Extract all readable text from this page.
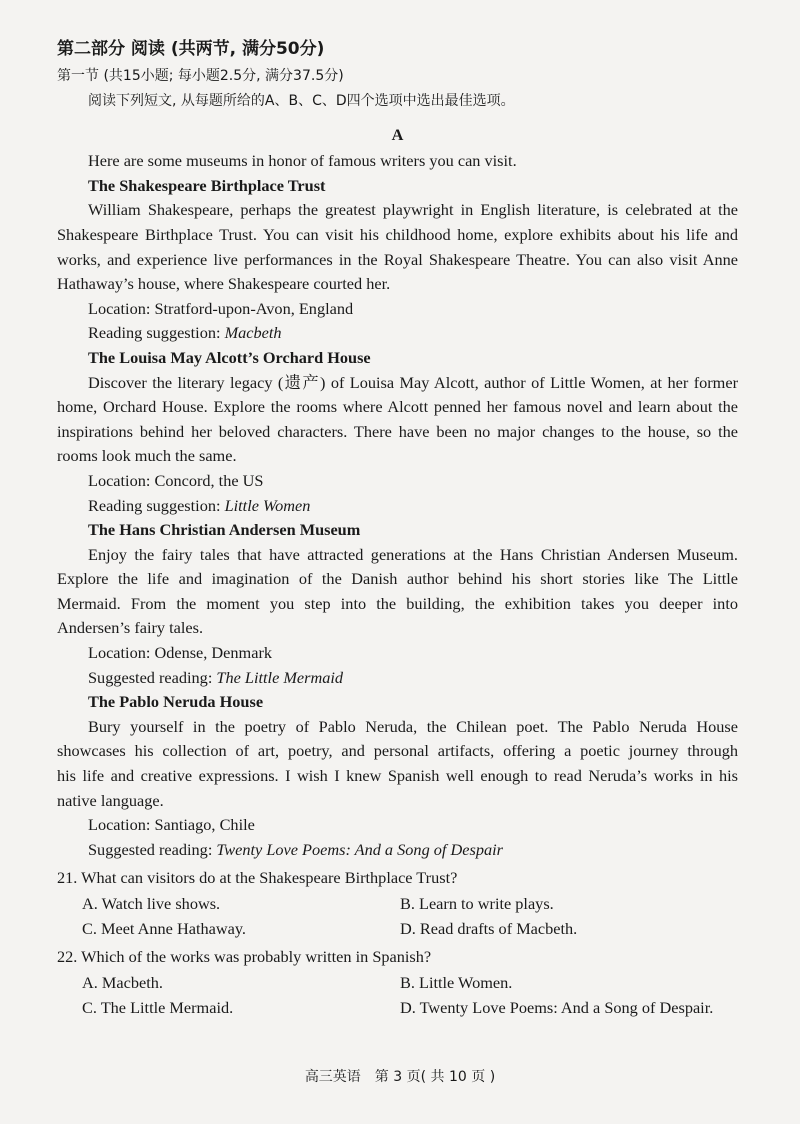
第二部分 阅读 (共两节, 满分50分)
第一节 (共15小题; 每小题2.5分, 满分37.5分)
阅读下列短文, 从每题所给的A、B、C、D四个选项中选出最佳选项。
A
Here are some museums in honor of famous writers you can visit.
The Shakespeare Birthplace Trust
William Shakespeare, perhaps the greatest playwright in English literature, is celebrated at the
Shakespeare Birthplace Trust. You can visit his childhood home, explore exhibits about his life and
works, and experience live performances in the Royal Shakespeare Theatre. You can also visit Anne
Hathaway’s house, where Shakespeare courted her.
Location: Stratford-upon-Avon, England
Reading suggestion: Macbeth
The Louisa May Alcott’s Orchard House
Discover the literary legacy (遗产) of Louisa May Alcott, author of Little Women, at her former
home, Orchard House. Explore the rooms where Alcott penned her famous novel and learn about the
inspirations behind her beloved characters. There have been no major changes to the house, so the
rooms look much the same.
Location: Concord, the US
Reading suggestion: Little Women
The Hans Christian Andersen Museum
Enjoy the fairy tales that have attracted generations at the Hans Christian Andersen Museum.
Explore the life and imagination of the Danish author behind his short stories like The Little
Mermaid. From the moment you step into the building, the exhibition takes you deeper into
Andersen’s fairy tales.
Location: Odense, Denmark
Suggested reading: The Little Mermaid
The Pablo Neruda House
Bury yourself in the poetry of Pablo Neruda, the Chilean poet. The Pablo Neruda House
showcases his collection of art, poetry, and personal artifacts, offering a poetic journey through
his life and creative expressions. I wish I knew Spanish well enough to read Neruda’s works in his
native language.
Location: Santiago, Chile
Suggested reading: Twenty Love Poems: And a Song of Despair
21. What can visitors do at the Shakespeare Birthplace Trust?
A. Watch live shows.	B. Learn to write plays.
C. Meet Anne Hathaway.	D. Read drafts of Macbeth.
22. Which of the works was probably written in Spanish?
A. Macbeth.	B. Little Women.
C. The Little Mermaid.	D. Twenty Love Poems: And a Song of Despair.
高三英语　第 3 页( 共 10 页 )
